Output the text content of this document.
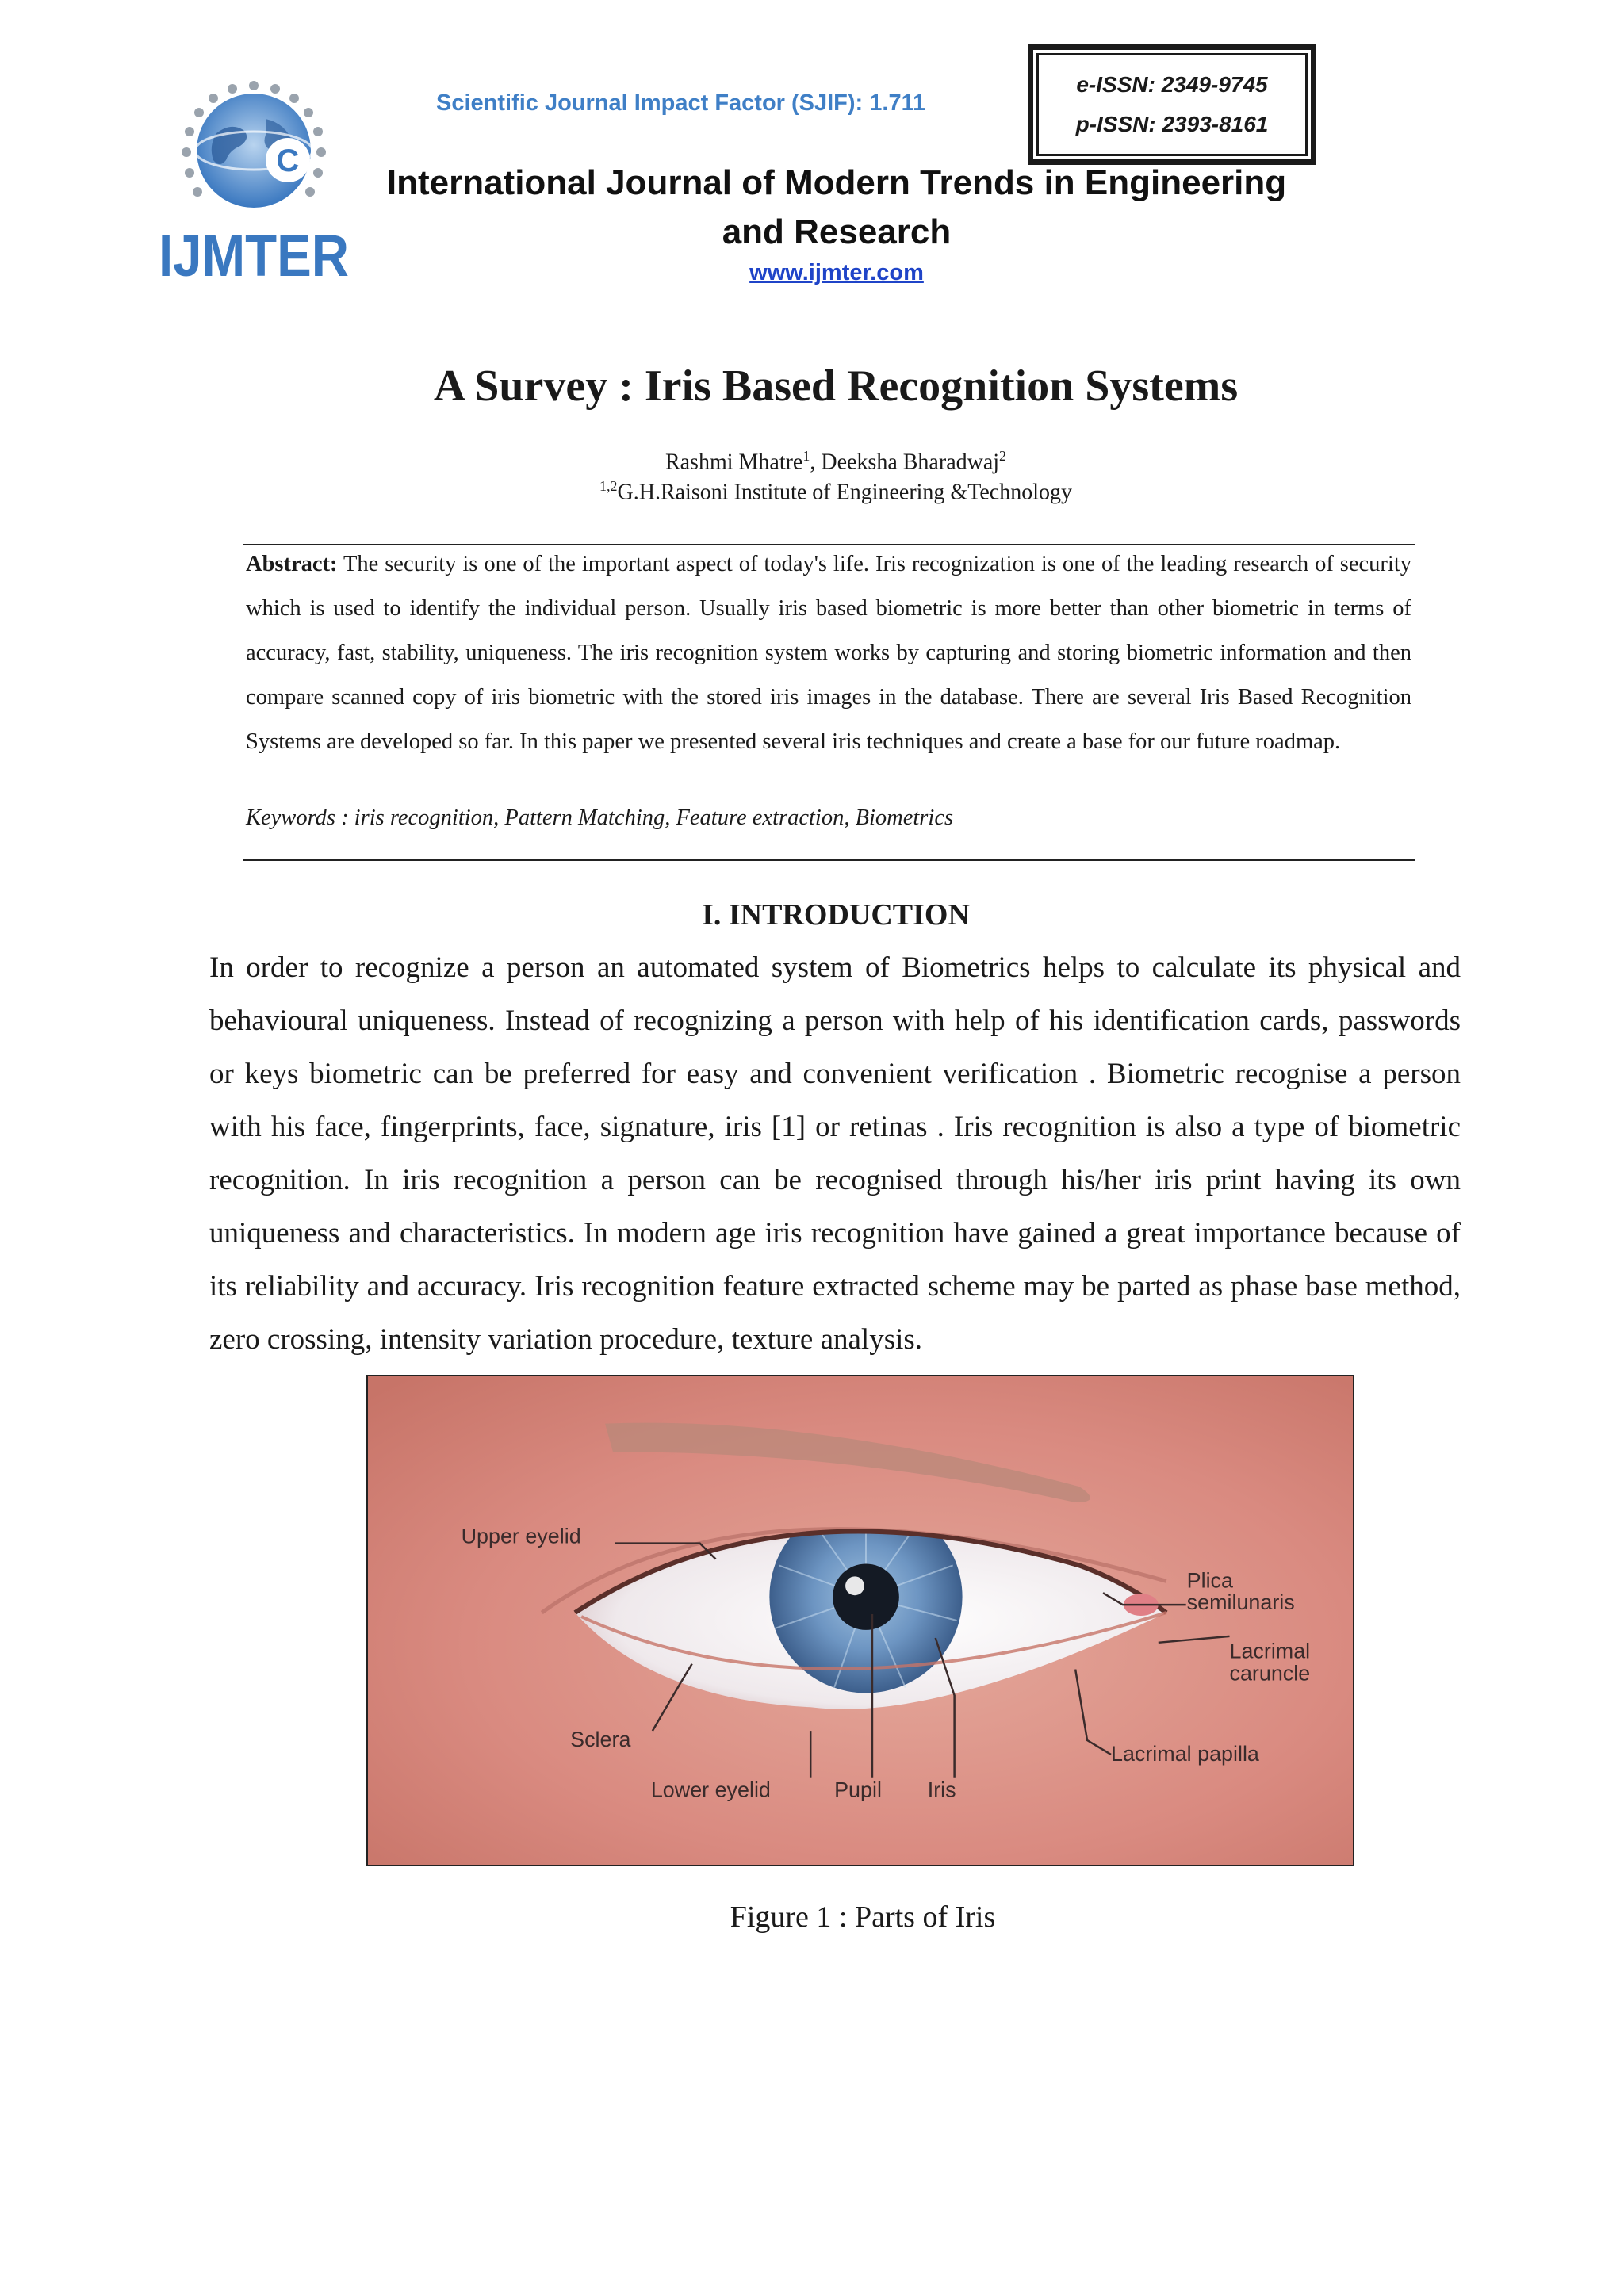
C
IJMTER
Scientific Journal Impact Factor (SJIF): 1.711
e-ISSN: 2349-9745
p-ISSN: 2393-8161
International Journal of Modern Trends in Engineering
and Research
www.ijmter.com
A Survey : Iris Based Recognition Systems
Rashmi Mhatre$^1$, Deeksha Bharadwaj$^2$
$^{1,2}$G.H.Raisoni Institute of Engineering &Technology
Abstract: The security is one of the important aspect of today's life. Iris recognization is one of the leading research of security which is used to identify the individual person. Usually iris based biometric is more better than other biometric in terms of accuracy, fast, stability, uniqueness. The iris recognition system works by capturing and storing biometric information and then compare scanned copy of iris biometric with the stored iris images in the database. There are several Iris Based Recognition Systems are developed so far. In this paper we presented several iris techniques and create a base for our future roadmap.
Keywords : iris recognition, Pattern Matching, Feature extraction, Biometrics
I. INTRODUCTION
In order to recognize a person an automated system of Biometrics helps to calculate its physical and behavioural uniqueness. Instead of recognizing a person with help of his identification cards, passwords or keys biometric can be preferred for easy and convenient verification . Biometric recognise a person with his face, fingerprints, face, signature, iris [1] or retinas . Iris recognition is also a type of biometric recognition. In iris recognition a person can be recognised through his/her iris print having its own uniqueness and characteristics. In modern age iris recognition have gained a great importance because of its reliability and accuracy. Iris recognition feature extracted scheme may be parted as phase base method, zero crossing, intensity variation procedure, texture analysis.
Upper eyelid
Plica
semilunaris
Lacrimal
caruncle
Sclera
Lacrimal papilla
Lower eyelid	Pupil Iris
Figure 1 : Parts of Iris
